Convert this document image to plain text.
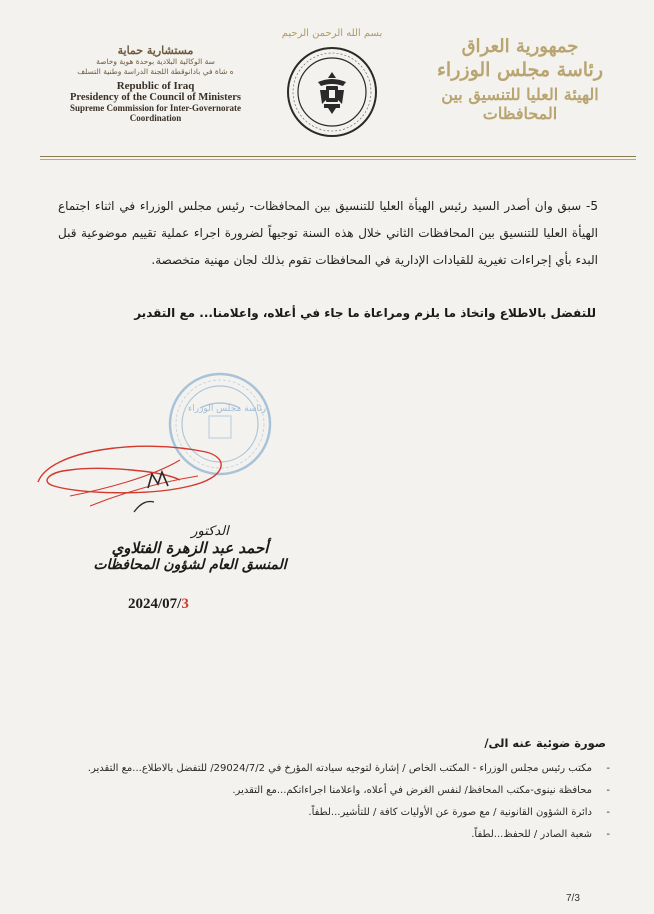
مستشارية حماية
سة الوكالية البلادية بوحدة هوية وخاصة
ه شاة في بادانوقطة اللجنة الدراسة وطنية التسلف
Republic of Iraq
Presidency of the Council of Ministers
Supreme Commission for Inter-Governorate Coordination
بسم الله الرحمن الرحيم
جمهورية العراق
رئاسة مجلس الوزراء
الهيئة العليا للتنسيق بين المحافظات
5- سبق وان أصدر السيد رئيس الهيأة العليا للتنسيق بين المحافظات- رئيس مجلس الوزراء في اثناء اجتماع الهيأة العليا للتنسيق بين المحافظات الثاني خلال هذه السنة توجيهاً لضرورة اجراء عملية تقييم موضوعية قبل البدء بأي إجراءات تغيرية للقيادات الإدارية في المحافظات تقوم بذلك لجان مهنية متخصصة.
للتفضل بالاطلاع واتخاذ ما يلزم ومراعاة ما جاء في أعلاه، واعلامنا... مع التقدير
رئاسة مجلس الوزراء
الدكتور
أحمد عبد الزهرة الفتلاوي
المنسق العام لشؤون المحافظات
2024/07/3
صورة ضوئية عنه الى/
-
مكتب رئيس مجلس الوزراء - المكتب الخاص / إشارة لتوجيه سيادته المؤرخ في 29024/7/2/ للتفضل بالاطلاع...مع التقدير.
-
محافظة نينوى-مكتب المحافظ/ لنفس الغرض في أعلاه، واعلامنا اجراءاتكم...مع التقدير.
-
دائرة الشؤون القانونية / مع صورة عن الأوليات كافة / للتأشير...لطفاً.
-
شعبة الصادر / للحفظ...لطفاً.
7/3
